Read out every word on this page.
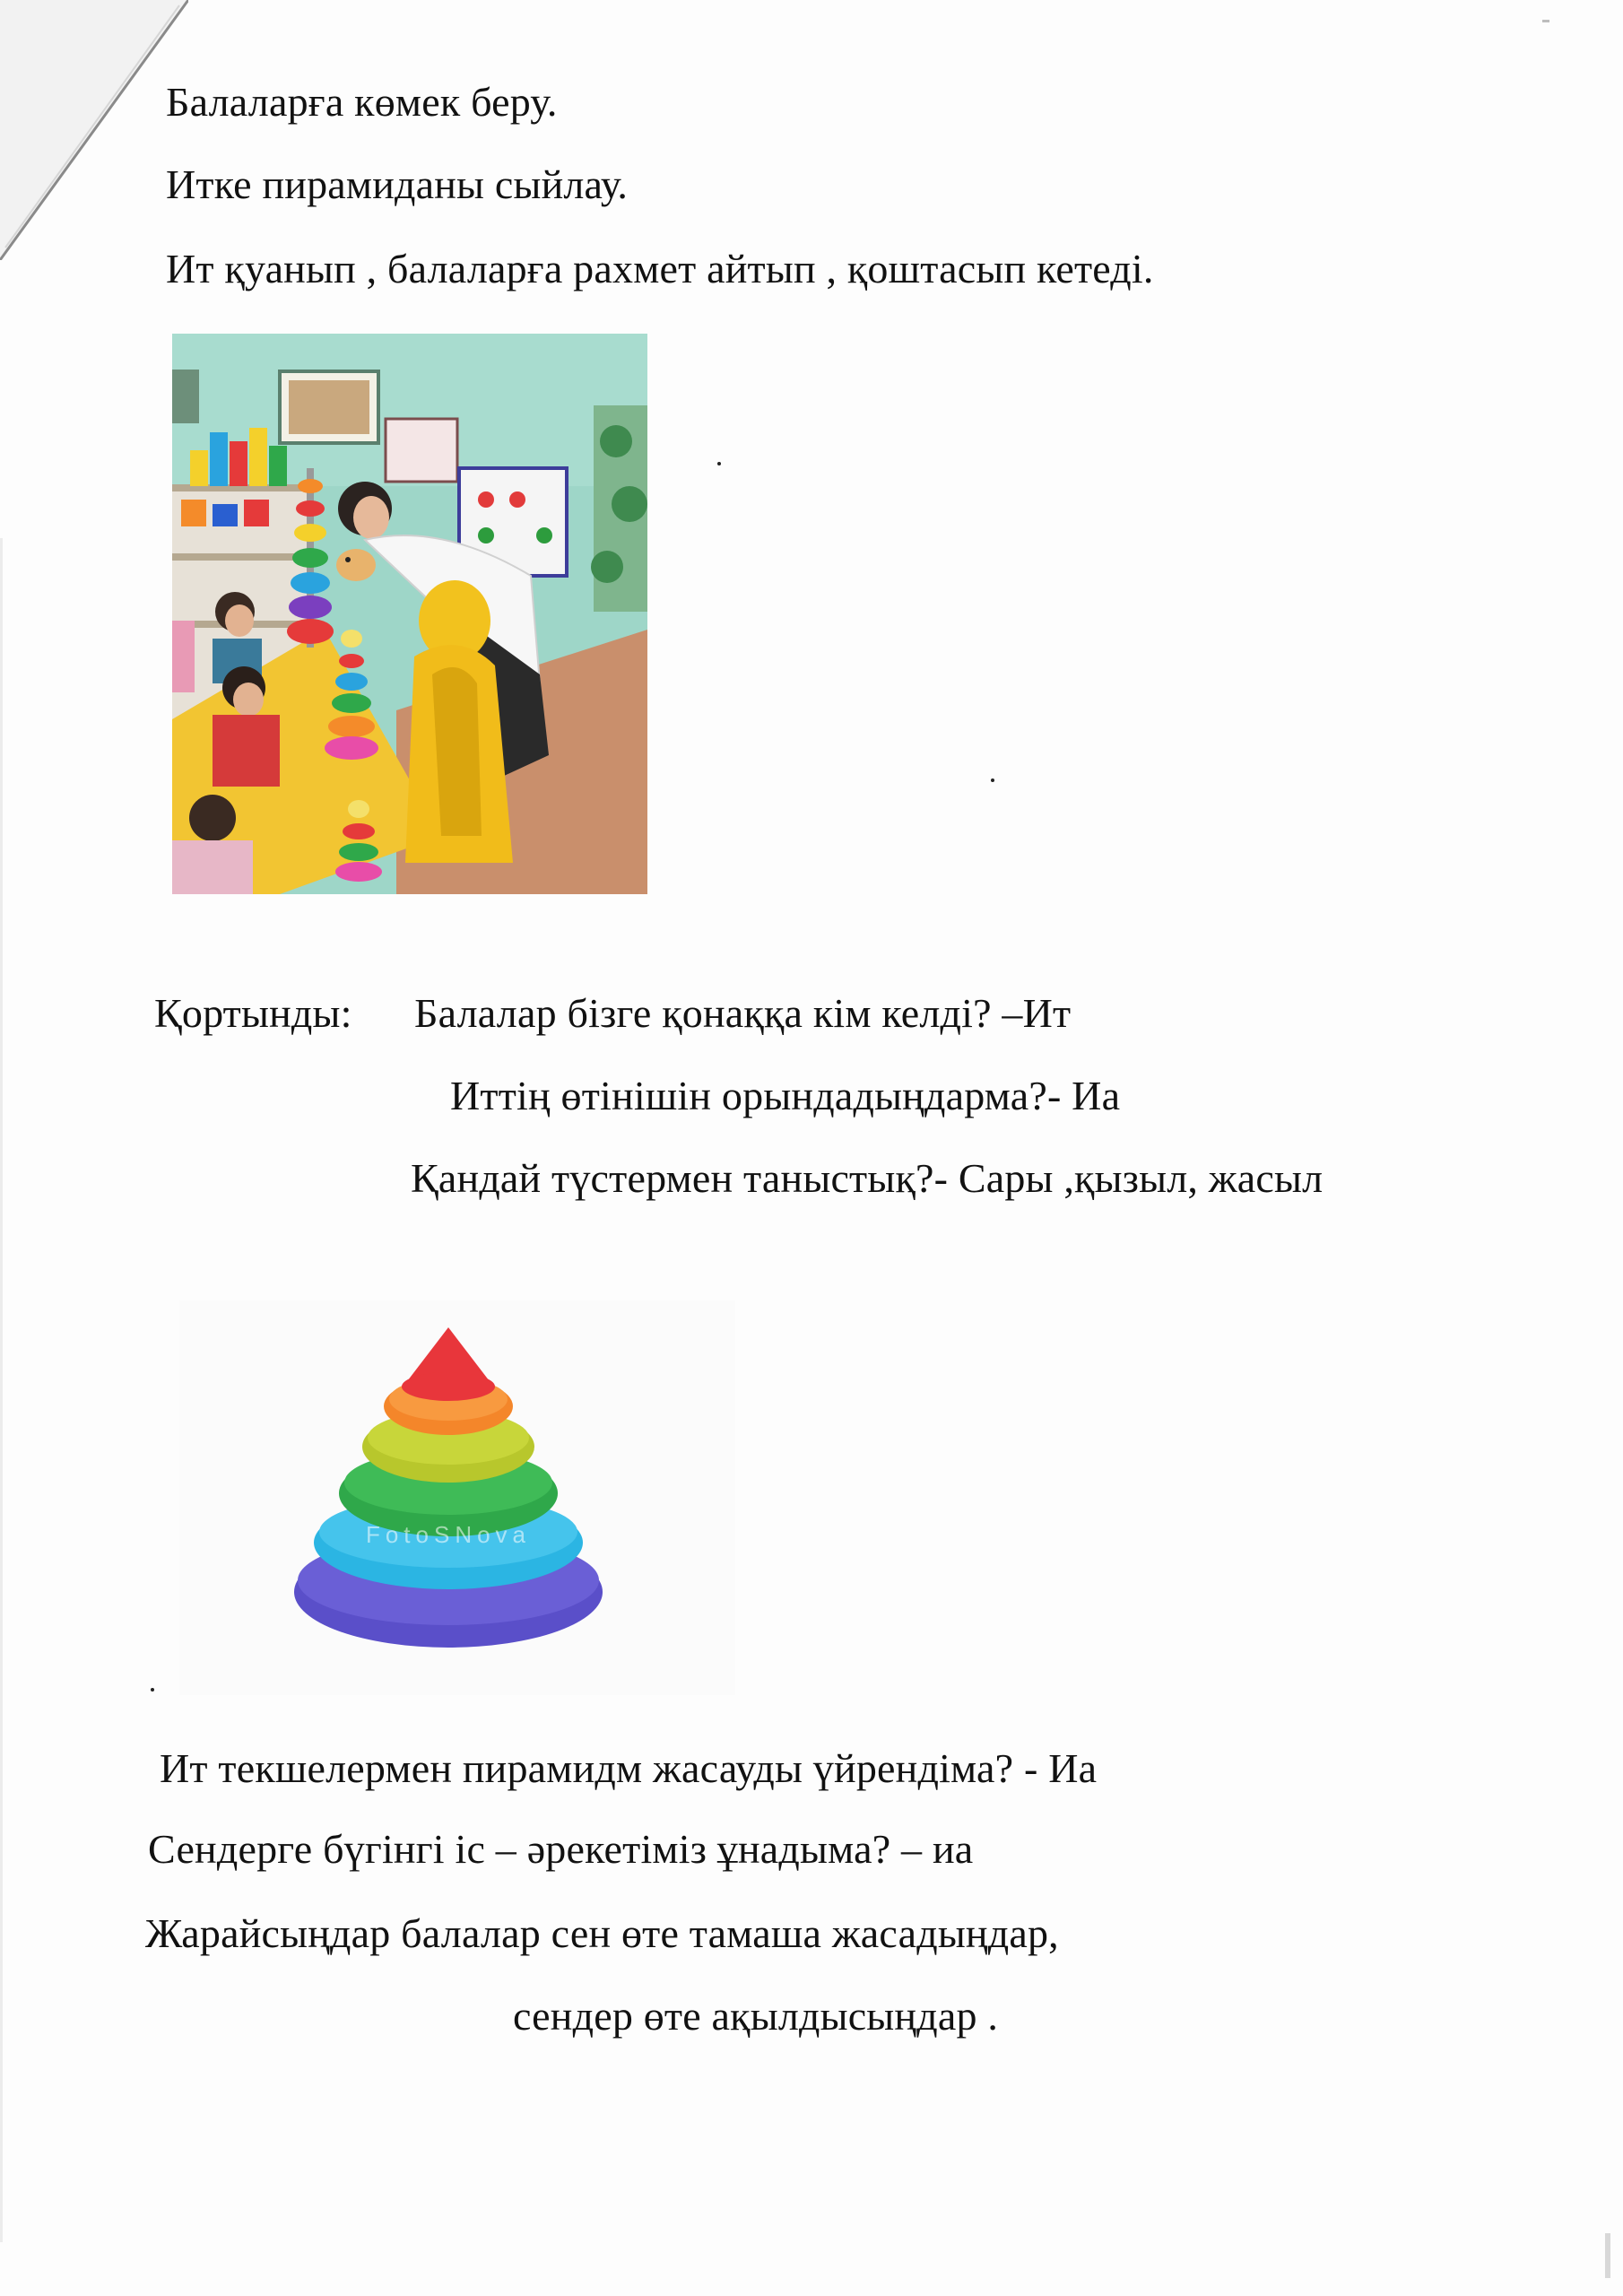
Балаларға көмек беру.
Итке пирамиданы сыйлау.
Ит қуанып , балаларға рахмет айтып , қоштасып кетеді.
Қортынды: Балалар бізге қонаққа кім келді? –Ит
Иттің өтінішін орындадыңдарма?- Иа
Қандай түстермен таныстық?- Сары ,қызыл, жасыл
FotoSNova
Ит текшелермен пирамидм жасауды үйрендіма? - Иа
Сендерге бүгінгі іс – әрекетіміз ұнадыма? – иа
Жарайсыңдар балалар сен өте тамаша жасадыңдар,
сендер өте ақылдысыңдар .
